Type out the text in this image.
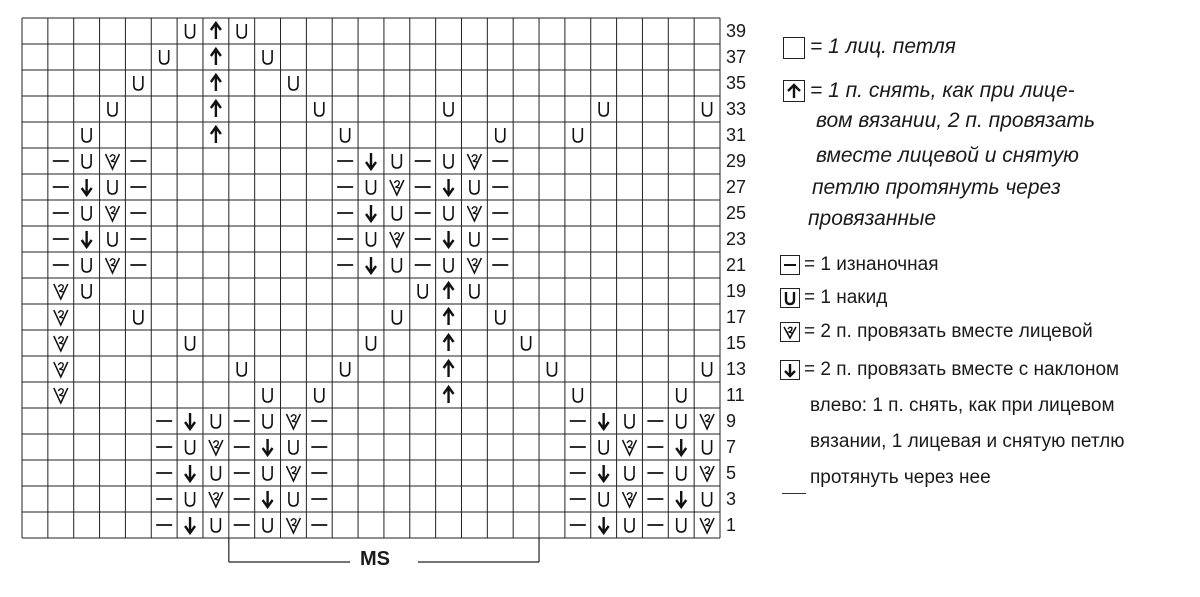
39
37
35
33
31
29
27
25
23
21
19
17
15
13
11
9
7
5
3
1
MS
= 1 лиц. петля
= 1 п. снять, как при лице-
вом вязании, 2 п. провязать
вместе лицевой и снятую
петлю протянуть через
провязанные
= 1 изнаночная
= 1 накид
= 2 п. провязать вместе лицевой
= 2 п. провязать вместе с наклоном
влево: 1 п. снять, как при лицевом
вязании, 1 лицевая и снятую петлю
протянуть через нее
